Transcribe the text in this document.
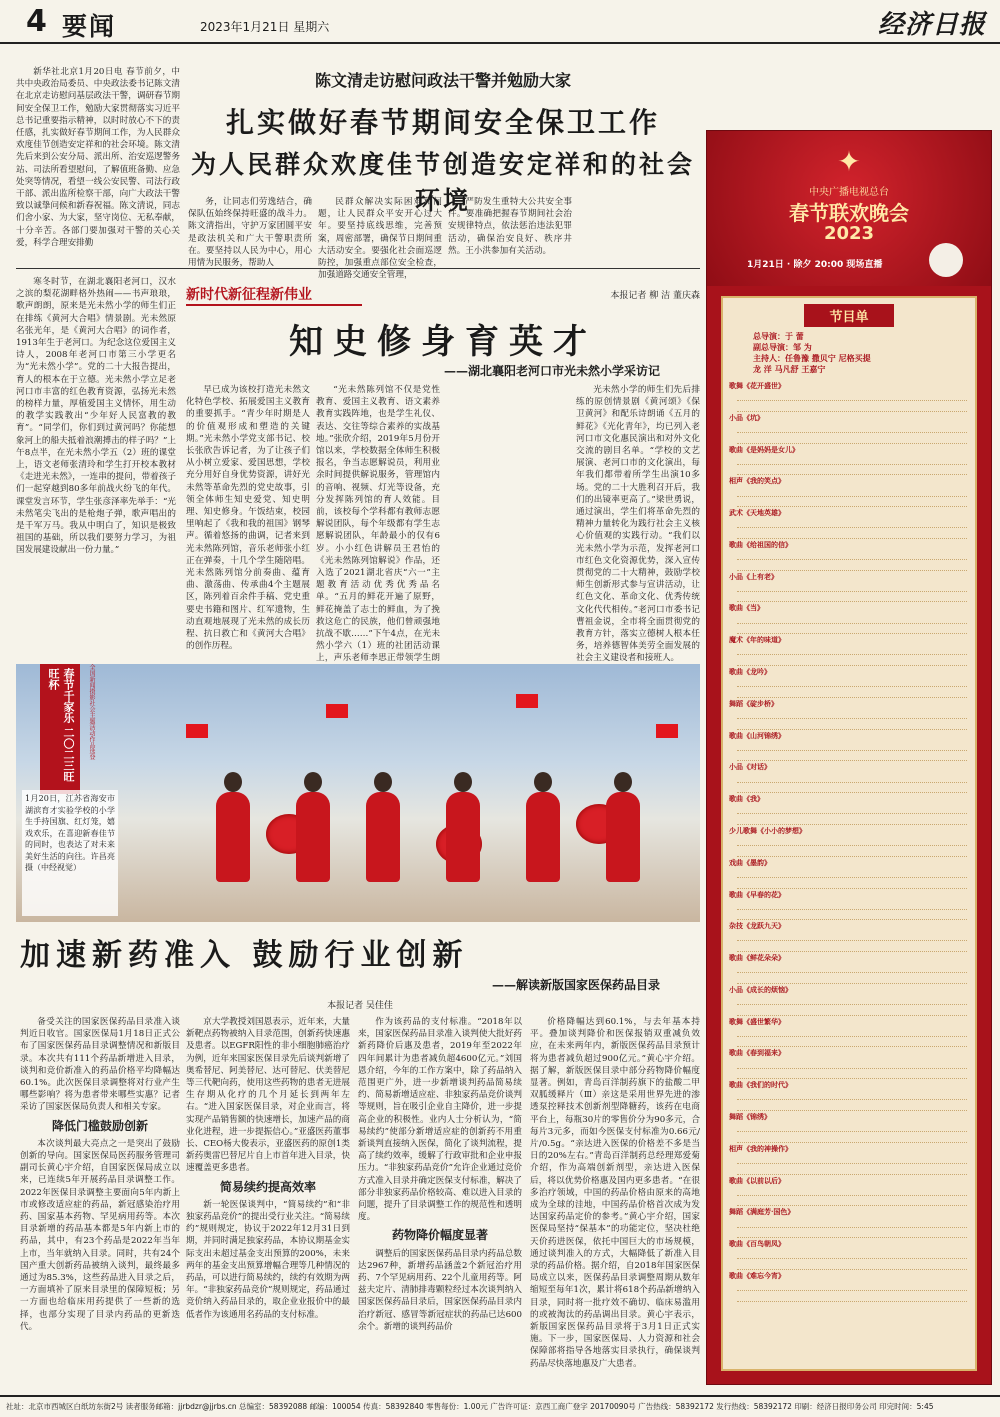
4 要闻	2023年1月21日 星期六	经济日报

新华社北京1月20日电 春节前夕，中共中央政治局委员、中央政法委书记陈文清在北京走访慰问基层政法干警，调研春节期间安全保卫工作，勉励大家贯彻落实习近平总书记重要指示精神，以时时放心不下的责任感，扎实做好春节期间工作，为人民群众欢度佳节创造安定祥和的社会环境。陈文清先后来到公安分局、派出所、治安巡逻警务站、司法所看望慰问，了解值班备勤、应急处突等情况，看望一线公安民警、司法行政干部、派出监所检察干部，向广大政法干警致以诚挚问候和新春祝福。陈文清说，同志们舍小家、为大家，坚守岗位、无私奉献，十分辛苦。各部门要加强对干警的关心关爱，科学合理安排勤

陈文清走访慰问政法干警并勉励大家
扎实做好春节期间安全保卫工作
为人民群众欢度佳节创造安定祥和的社会环境

务，让同志们劳逸结合，确保队伍始终保持旺盛的战斗力。陈文清指出，守护万家团圆平安是政法机关和广大干警职责所在。要坚持以人民为中心，用心用情为民服务，帮助人

民群众解决实际困难和问题，让人民群众平安开心过大年。要坚持底线思维，完善预案，周密部署，确保节日期间重大活动安全。要强化社会面巡逻防控，加强重点部位安全检查，加强道路交通安全管理，

严防发生重特大公共安全事件。要准确把握春节期间社会治安规律特点，依法惩治违法犯罪活动，确保治安良好、秩序井然。王小洪参加有关活动。

寒冬时节，在湖北襄阳老河口，汉水之滨的梨花湖畔格外热闹——书声琅琅，歌声朗朗，原来是光未然小学的师生们正在排练《黄河大合唱》情景剧。光未然原名张光年，是《黄河大合唱》的词作者，1913年生于老河口。为纪念这位爱国主义诗人，2008年老河口市第三小学更名为“光未然小学”。党的二十大报告提出，育人的根本在于立德。光未然小学立足老河口市丰富的红色教育资源，弘扬光未然的榜样力量，厚植爱国主义情怀，用生动的教学实践教出“少年好人民富教的教育”。“同学们，你们到过黄河吗？你能想象河上的船夫抵着浪潮搏击的样子吗？”上午8点半，在光未然小学五（2）班的课堂上，语文老师张清玲和学生打开校本教材《走进光未然》，一连串的提问，带着孩子们一起穿越到80多年前战火纷飞的年代。课堂发言环节，学生张彦泽率先举手：“光未然笔尖飞出的是枪炮子弹，歌声唱出的是千军万马。我从中明白了，知识是极致祖国的基础，所以我们要努力学习，为祖国发展建设献出一份力量。”

新时代新征程新伟业	本报记者 柳 洁 董庆森
知史修身育英才
——湖北襄阳老河口市光未然小学采访记

早已成为该校打造光未然文化特色学校、拓展爱国主义教育的重要抓手。“青少年时期是人的价值观形成和塑造的关键期。”光未然小学党支部书记、校长张欣告诉记者，为了让孩子们从小树立爱家、爱国思想，学校充分用好自身优势资源，讲好光未然等革命先烈的党史故事，引领全体师生知史爱党、知史明理、知史修身。午饭结束，校园里响起了《我和我的祖国》钢琴声。循着悠扬的曲调，记者来到光未然陈列馆，音乐老师张小红正在弹奏，十几个学生随陪唱。光未然陈列馆分前奏曲、蕴育曲、激荡曲、传承曲4个主题展区，陈列着百余件手稿、党史重要史书籍和图片、红军遗物，生动直观地展现了光未然的成长历程、抗日救亡和《黄河大合唱》的创作历程。

“光未然陈列馆不仅是党性教育、爱国主义教育、语文素养教育实践阵地，也是学生礼仪、表达、交往等综合素养的实战基地。”张欣介绍，2019年5月份开馆以来，学校数据全体师生积极报名，争当志愿解说员，利用业余时间提供解说服务，管理馆内的音响、视频、灯光等设备，充分发挥陈列馆的育人效能。目前，该校每个学科都有教师志愿解说团队，每个年级都有学生志愿解说团队，年龄最小的仅有6岁。小小红色讲解员王君怡的《光未然陈列馆解说》作品，还入选了2021湖北省庆“六一”主题教育活动优秀优秀品名单。“五月的鲜花开遍了原野，鲜花掩盖了志士的鲜血，为了挽救这危亡的民族，他们曾顽强地抗战不歇……”下午4点，在光未然小学六（1）班的社团活动课上，声乐老师李思正带领学生朗

光未然小学的师生们先后排练的原创情景剧《黄河颂》《保卫黄河》和配乐诗朗诵《五月的鲜花》《光化青年》，均已列入老河口市文化惠民演出和对外文化交流的剧目名单。“学校的文艺展演、老河口市的文化演出，每年我们都带着所学生出演10多场。党的二十大胜利召开后，我们的出镜率更高了。”梁世勇说，通过演出，学生们将革命先烈的精神力量转化为践行社会主义核心价值观的实践行动。“我们以光未然小学为示范，发挥老河口市红色文化资源优势，深入宣传贯彻党的二十大精神，鼓励学校师生创新形式参与宣讲活动，让红色文化、革命文化、优秀传统文化代代相传。”老河口市委书记曹祖金说，全市将全面贯彻党的教育方针，落实立德树人根本任务，培养德智体美劳全面发展的社会主义建设者和接班人。

春节千家乐 二〇二三旺旺杯	全国新闻摄影社会主题活动作品选登
1月20日，江苏省海安市湖滨育才实验学校的小学生手持国旗、红灯笼，嬉戏欢乐，在喜迎新春佳节的同时，也表达了对未来美好生活的向往。许昌亮摄（中经视觉）
加速新药准入 鼓励行业创新
——解读新版国家医保药品目录
本报记者 吴佳佳

备受关注的国家医保药品目录准入谈判近日收官。国家医保局1月18日正式公布了国家医保药品目录调整情况和新版目录。本次共有111个药品新增进入目录，谈判和竞价新准入的药品价格平均降幅达60.1%。此次医保目录调整将对行业产生哪些影响？将为患者带来哪些实惠？记者采访了国家医保局负责人和相关专家。

降低门槛鼓励创新

本次谈判最大亮点之一是突出了鼓励创新的导向。国家医保局医药服务管理司副司长黄心宇介绍，自国家医保局成立以来，已连续5年开展药品目录调整工作。2022年医保目录调整主要面向5年内新上市或修改适应症的药品，新冠感染治疗用药、国家基本药物、罕见病用药等。本次目录新增的药品基本都是5年内新上市的药品，其中，有23个药品是2022年当年上市，当年就纳入目录。同时，共有24个国产重大创新药品被纳入谈判，最终最多通过为85.3%，这些药品进入目录之后，一方面填补了原来目录里的保障短板；另一方面也给临床用药提供了一些新的选择，也部分实现了目录内药品的更新迭代。

京大学教授刘国恩表示，近年来，大量新靶点药物被纳入目录范围，创新药快速惠及患者。以EGFR阳性的非小细胞肺癌治疗为例，近年来国家医保目录先后谈判新增了奥希替尼、阿美替尼、达可替尼、伏美替尼等三代靶向药，使用这些药物的患者无进展生存期从化疗的几个月延长到两年左右。“进入国家医保目录，对企业而言，将实现产品销售额的快速增长，加速产品的商业化进程，进一步提振信心。”亚盛医药董事长、CEO杨大俊表示，亚盛医药的原创1类新药奥雷巴替尼片自上市首年进入目录，快速覆盖更多患者。

简易续约提高效率

新一轮医保谈判中，“简易续约”和“非独家药品竞价”的提出受行业关注。“简易续约”规则规定，协议于2022年12月31日到期，并同时满足独家药品，本协议期基金实际支出未超过基金支出预算的200%，未来两年的基金支出预算增幅合理等几种情况的药品，可以进行简易续约，续约有效期为两年。“非独家药品竞价”规则规定，药品通过竞价纳入药品目录的，取企业业报价中的最低者作为该通用名药品的支付标准。

作为该药品的支付标准。“2018年以来，国家医保药品目录准入谈判使大批好药新药降价后惠及患者，2019年至2022年四年间累计为患者减负超4600亿元。”刘国恩介绍，今年的工作方案中，除了药品纳入范围更广外，进一步新增谈判药品简易续约、简易新增适应症、非独家药品竞价谈判等规则，旨在吸引企业自主降价，进一步提高企业的积极性。业内人士分析认为，“简易续约”使部分新增适应症的创新药不用重新谈判直接纳入医保，简化了谈判流程，提高了续约效率，缓解了行政审批和企业申报压力。“非独家药品竞价”允许企业通过竞价方式准入目录并确定医保支付标准，解决了部分非独家药品价格较高、难以进入目录的问题，提升了目录调整工作的规范性和透明度。

药物降价幅度显著

调整后的国家医保药品目录内药品总数达2967种，新增药品涵盖2个新冠治疗用药、7个罕见病用药、22个儿童用药等。阿兹夫定片、清肺排毒颗粒经过本次谈判纳入国家医保药品目录后，国家医保药品目录内治疗新冠、感冒等新冠症状的药品已达600余个。新增的谈判药品价

价格降幅达到60.1%，与去年基本持平。叠加谈判降价和医保报销双重减负效应，在未来两年内，新版医保药品目录预计将为患者减负超过900亿元。”黄心宇介绍。据了解，新版医保目录中部分药物降价幅度显著。例如，青岛百洋制药旗下的盐酸二甲双胍缓释片（Ⅲ）亲这是采用世界先进的渗透泵控释技术创新剂型降糖药，该药在电商平台上，每瓶30片的零售价分为90多元，合每片3元多，而如今医保支付标准为0.66元/片/0.5g。“亲达进入医保的价格差不多是当日的20%左右。”青岛百洋制药总经理郑爱菊介绍，作为高端创新剂型，亲达进入医保后，将以优势价格惠及国内更多患者。“在很多治疗领域，中国的药品价格由原来的高地成为全球的洼地，中国药品价格首次成为发达国家药品定价的参考。”黄心宇介绍，国家医保局坚持“保基本”的功能定位，坚决杜绝天价药进医保，依托中国巨大的市场规模，通过谈判准入的方式，大幅降低了新准入目录的药品价格。据介绍，自2018年国家医保局成立以来，医保药品目录调整周期从数年缩短至每年1次，累计将618个药品新增纳入目录，同时将一批疗效不确切、临床易滥用的或被淘汰的药品调出目录。黄心宇表示，新版国家医保药品目录将于3月1日正式实施。下一步，国家医保局、人力资源和社会保障部将指导各地落实目录执行，确保谈判药品尽快落地惠及广大患者。

✦
中央广播电视总台
春节联欢晚会
2023
1月21日 · 除夕 20:00 现场直播
节目单
总导演：于 蕾
副总导演：邹 为
主持人：任鲁豫 撒贝宁 尼格买提
龙 洋 马凡舒 王嘉宁
歌舞《花开盛世》
小品《坑》
歌曲《是妈妈是女儿》
相声《我的笑点》
武术《天地英雄》
歌曲《给祖国的信》
小品《上有老》
歌曲《当》
魔术《年的味道》
歌曲《龙吟》
舞蹈《碇步桥》
歌曲《山河锦绣》
小品《对话》
歌曲《我》
少儿歌舞《小小的梦想》
戏曲《墨韵》
歌曲《早春的花》
杂技《龙跃九天》
歌曲《鲜花朵朵》
小品《成长的烦恼》
歌舞《盛世繁华》
歌曲《春到福来》
歌曲《我们的时代》
舞蹈《锦绣》
相声《我的神操作》
歌曲《以前以后》
舞蹈《满庭芳·国色》
歌曲《百鸟朝凤》
歌曲《难忘今宵》
社址：北京市西城区白纸坊东街2号 读者服务邮箱：jjrbdzr@jjrbs.cn 总编室：58392088 邮编：100054 传真：58392840 零售每份：1.00元 广告许可证：京西工商广登字 20170090号 广告热线：58392172 发行热线：58392172 印刷：经济日报印务公司 印完时间：5:45
